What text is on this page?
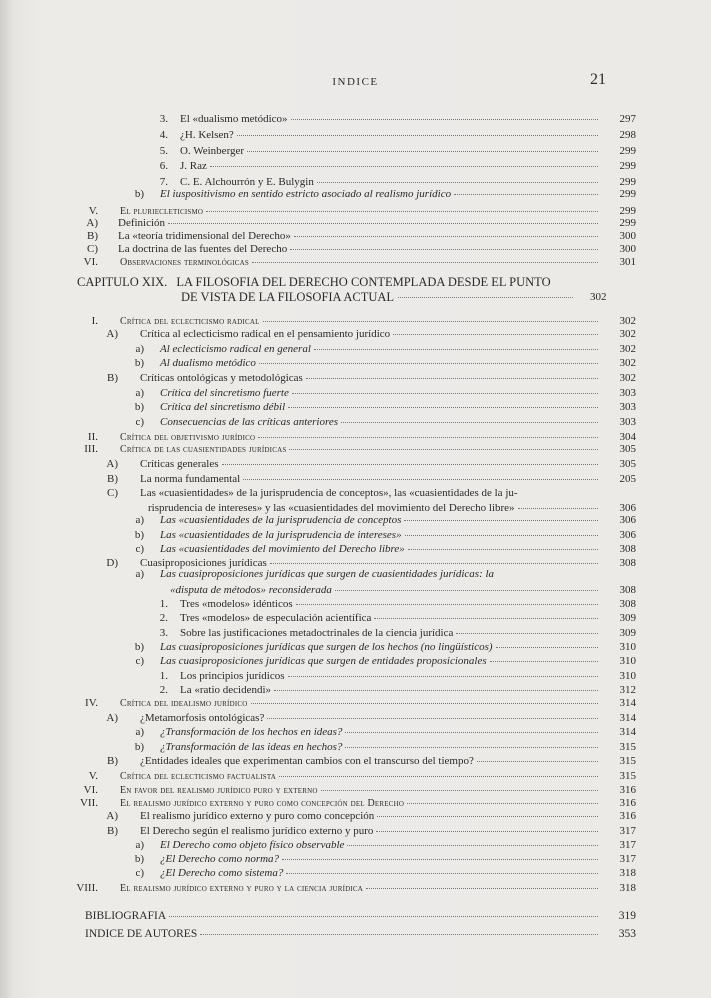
INDICE	21
3. El «dualismo metódico»	297
4. ¿H. Kelsen?	298
5. O. Weinberger	299
6. J. Raz	299
7. C. E. Alchourrón y E. Bulygin	299
b) El iuspositivismo en sentido estricto asociado al realismo jurídico	299
V. El pluriecleticismo	299
A) Definición	299
B) La «teoría tridimensional del Derecho»	300
C) La doctrina de las fuentes del Derecho	300
VI. Observaciones terminológicas	301
CAPITULO XIX. LA FILOSOFIA DEL DERECHO CONTEMPLADA DESDE EL PUNTO
DE VISTA DE LA FILOSOFIA ACTUAL	302
I. Crítica del eclecticismo radical	302
A) Crítica al eclecticismo radical en el pensamiento jurídico	302
a) Al eclecticismo radical en general	302
b) Al dualismo metódico	302
B) Críticas ontológicas y metodológicas	302
a) Crítica del sincretismo fuerte	303
b) Crítica del sincretismo débil	303
c) Consecuencias de las críticas anteriores	303
II. Crítica del objetivismo jurídico	304
III. Crítica de las cuasientidades jurídicas	305
A) Críticas generales	305
B) La norma fundamental	205
C) Las «cuasientidades» de la jurisprudencia de conceptos», las «cuasientidades de la ju-
risprudencia de intereses» y las «cuasientidades del movimiento del Derecho libre»	306
a) Las «cuasientidades de la jurisprudencia de conceptos	306
b) Las «cuasientidades de la jurisprudencia de intereses»	306
c) Las «cuasientidades del movimiento del Derecho libre»	308
D) Cuasiproposiciones jurídicas	308
a) Las cuasiproposiciones jurídicas que surgen de cuasientidades jurídicas: la
«disputa de métodos» reconsiderada	308
1. Tres «modelos» idénticos	308
2. Tres «modelos» de especulación acientífica	309
3. Sobre las justificaciones metadoctrinales de la ciencia jurídica	309
b) Las cuasiproposiciones jurídicas que surgen de los hechos (no lingüísticos)	310
c) Las cuasiproposiciones jurídicas que surgen de entidades proposicionales	310
1. Los principios jurídicos	310
2. La «ratio decidendi»	312
IV. Crítica del idealismo jurídico	314
A) ¿Metamorfosis ontológicas?	314
a) ¿Transformación de los hechos en ideas?	314
b) ¿Transformación de las ideas en hechos?	315
B) ¿Entidades ideales que experimentan cambios con el transcurso del tiempo?	315
V. Crítica del eclecticismo factualista	315
VI. En favor del realismo jurídico puro y externo	316
VII. El realismo jurídico externo y puro como concepción del Derecho	316
A) El realismo jurídico externo y puro como concepción	316
B) El Derecho según el realismo jurídico externo y puro	317
a) El Derecho como objeto físico observable	317
b) ¿El Derecho como norma?	317
c) ¿El Derecho como sistema?	318
VIII. El realismo jurídico externo y puro y la ciencia jurídica	318
BIBLIOGRAFIA	319
INDICE DE AUTORES	353
